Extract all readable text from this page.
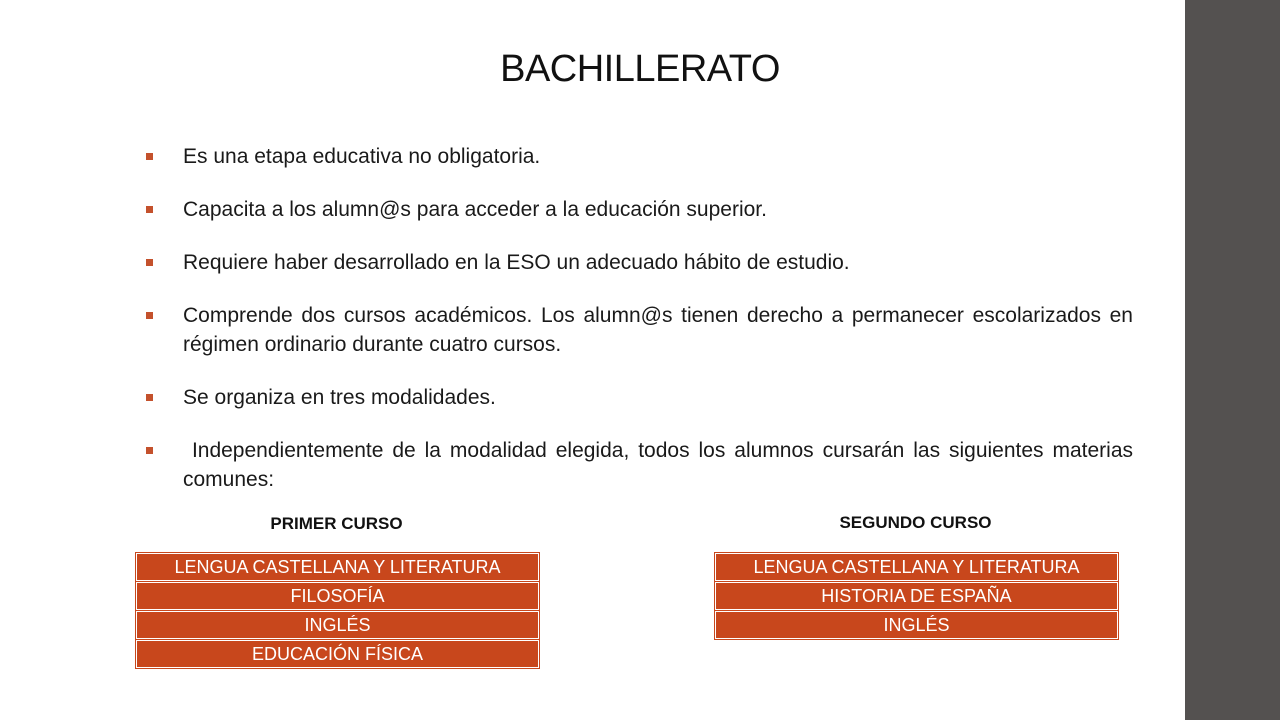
BACHILLERATO
Es una etapa educativa no obligatoria.
Capacita a los alumn@s para acceder a la educación superior.
Requiere haber desarrollado en la ESO un adecuado hábito de estudio.
Comprende dos cursos académicos. Los alumn@s tienen derecho a permanecer escolarizados en régimen ordinario durante cuatro cursos.
Se organiza en tres modalidades.
Independientemente de la modalidad elegida, todos los alumnos cursarán las siguientes materias comunes:
PRIMER CURSO	SEGUNDO CURSO
LENGUA CASTELLANA Y LITERATURA
FILOSOFÍA
INGLÉS
EDUCACIÓN FÍSICA
LENGUA CASTELLANA Y LITERATURA
HISTORIA DE ESPAÑA
INGLÉS
